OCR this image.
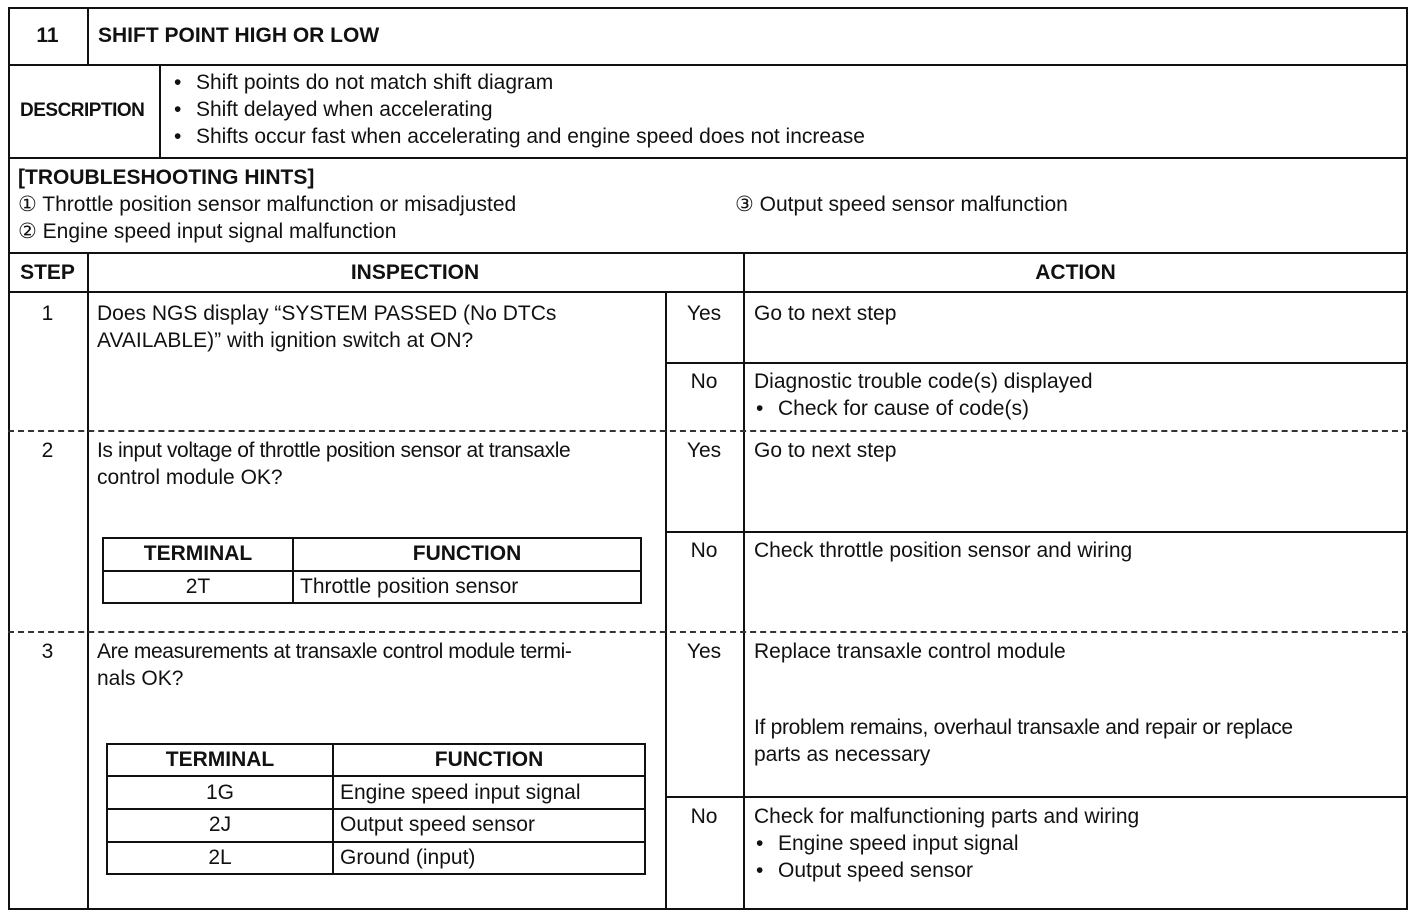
11	SHIFT POINT HIGH OR LOW
DESCRIPTION
• Shift points do not match shift diagram
• Shift delayed when accelerating
• Shifts occur fast when accelerating and engine speed does not increase
[TROUBLESHOOTING HINTS]
① Throttle position sensor malfunction or misadjusted
② Engine speed input signal malfunction
③ Output speed sensor malfunction
STEP	INSPECTION	ACTION
1	Does NGS display “SYSTEM PASSED (No DTCs
AVAILABLE)” with ignition switch at ON?
Yes	Go to next step
No	Diagnostic trouble code(s) displayed
• Check for cause of code(s)
2	Is input voltage of throttle position sensor at transaxle
control module OK?
TERMINAL	FUNCTION
2T	Throttle position sensor
Yes	Go to next step
No	Check throttle position sensor and wiring
3	Are measurements at transaxle control module termi-
nals OK?
TERMINAL	FUNCTION
1G	Engine speed input signal
2J	Output speed sensor
2L	Ground (input)
Yes	Replace transaxle control module
If problem remains, overhaul transaxle and repair or replace
parts as necessary
No	Check for malfunctioning parts and wiring
• Engine speed input signal
• Output speed sensor
